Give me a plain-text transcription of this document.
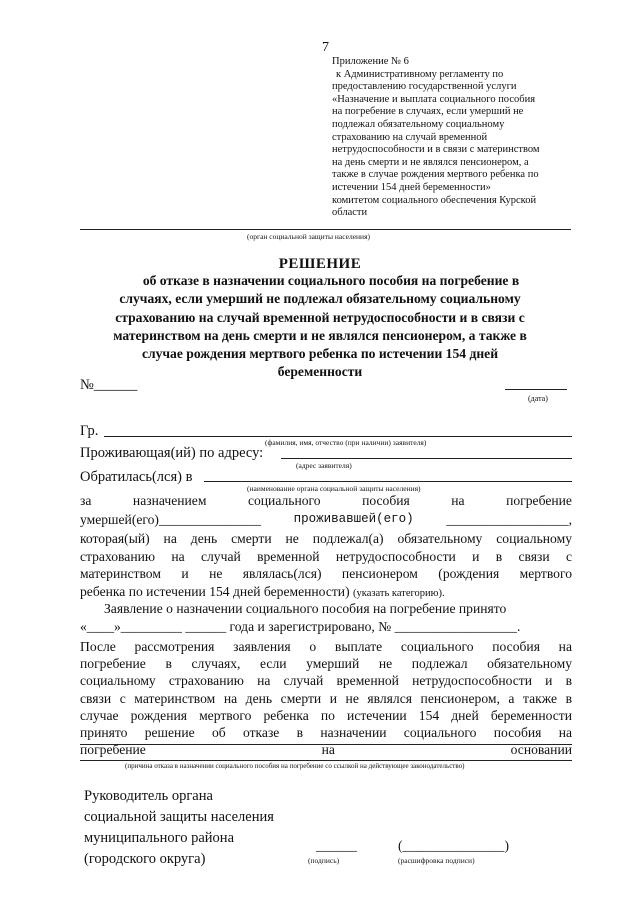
7
Приложение № 6
к Административному регламенту по
предоставлению государственной услуги
«Назначение и выплата социального пособия
на погребение в случаях, если умерший не
подлежал обязательному социальному
страхованию на случай временной
нетрудоспособности и в связи с материнством
на день смерти и не являлся пенсионером, а
также в случае рождения мертвого ребенка по
истечении 154 дней беременности»
комитетом социального обеспечения Курской
области
(орган социальной защиты населения)
РЕШЕНИЕ
об отказе в назначении социального пособия на погребение в
случаях, если умерший не подлежал обязательному социальному
страхованию на случай временной нетрудоспособности и в связи с
материнством на день смерти и не являлся пенсионером, а также в
случае рождения мертвого ребенка по истечении 154 дней
беременности
№______
(дата)
Гр.
(фамилия, имя, отчество (при наличии) заявителя)
Проживающая(ий) по адресу:
(адрес заявителя)
Обратилась(лся) в
(наименование органа социальной защиты населения)
за	назначением	социального	пособия	на	погребение
умершей(его)_______________	проживавшей(его) __________________,
которая(ый) на день смерти не подлежал(а) обязательному социальному
страхованию на случай временной нетрудоспособности и в связи с
материнством и не являлась(лся) пенсионером (рождения мертвого
ребенка по истечении 154 дней беременности) (указать категорию).
Заявление о назначении социального пособия на погребение принято
«____»_________ ______ года и зарегистрировано, № __________________.
После рассмотрения заявления о выплате социального пособия на
погребение в случаях, если умерший не подлежал обязательному
социальному страхованию на случай временной нетрудоспособности и в
связи с материнством на день смерти и не являлся пенсионером, а также в
случае рождения мертвого ребенка по истечении 154 дней беременности
принято решение об отказе в назначении социального пособия на
погребение	на	основании
(причина отказа в назначении социального пособия на погребение со ссылкой на действующее законодательство)
Руководитель органа
социальной защиты населения
муниципального района
(городского округа)
______	(_______________)
(подпись)	(расшифровка подписи)
